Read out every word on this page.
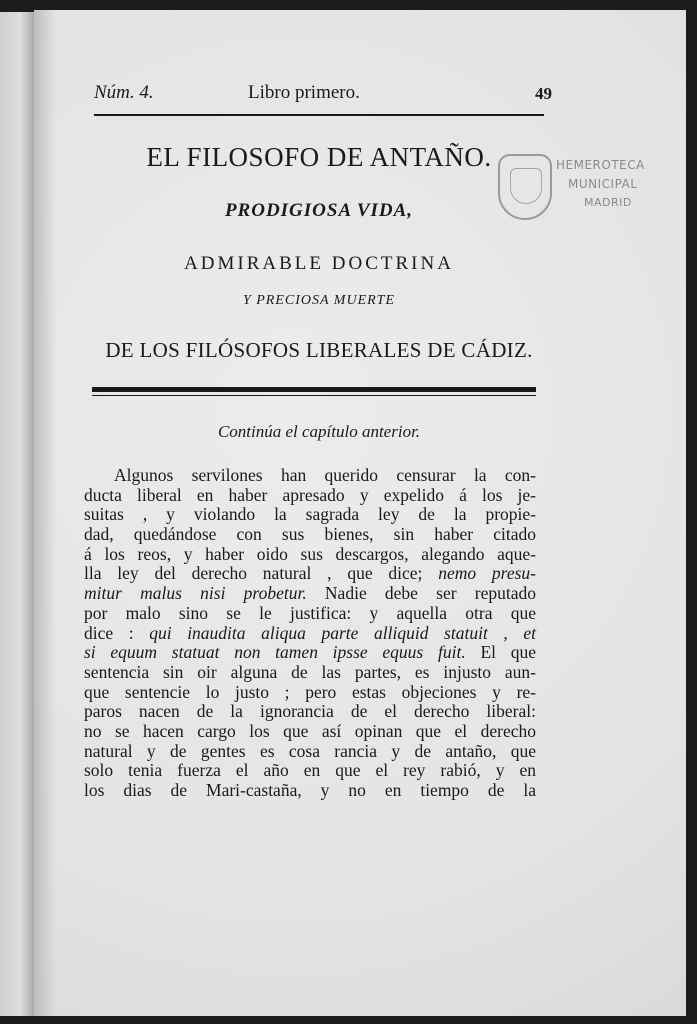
Núm. 4.	Libro primero.	49
EL FILOSOFO DE ANTAÑO.
PRODIGIOSA VIDA,
ADMIRABLE DOCTRINA
Y PRECIOSA MUERTE
DE LOS FILÓSOFOS LIBERALES DE CÁDIZ.
Continúa el capítulo anterior.
Algunos servilones han querido censurar la con-
ducta liberal en haber apresado y expelido á los je-
suitas , y violando la sagrada ley de la propie-
dad, quedándose con sus bienes, sin haber citado
á los reos, y haber oido sus descargos, alegando aque-
lla ley del derecho natural , que dice; nemo presu-
mitur malus nisi probetur. Nadie debe ser reputado
por malo sino se le justifica: y aquella otra que
dice : qui inaudita aliqua parte alliquid statuit , et
si equum statuat non tamen ipsse equus fuit. El que
sentencia sin oir alguna de las partes, es injusto aun-
que sentencie lo justo ; pero estas objeciones y re-
paros nacen de la ignorancia de el derecho liberal:
no se hacen cargo los que así opinan que el derecho
natural y de gentes es cosa rancia y de antaño, que
solo tenia fuerza el año en que el rey rabió, y en
los dias de Mari-castaña, y no en tiempo de la
HEMEROTECA
MUNICIPAL
MADRID
